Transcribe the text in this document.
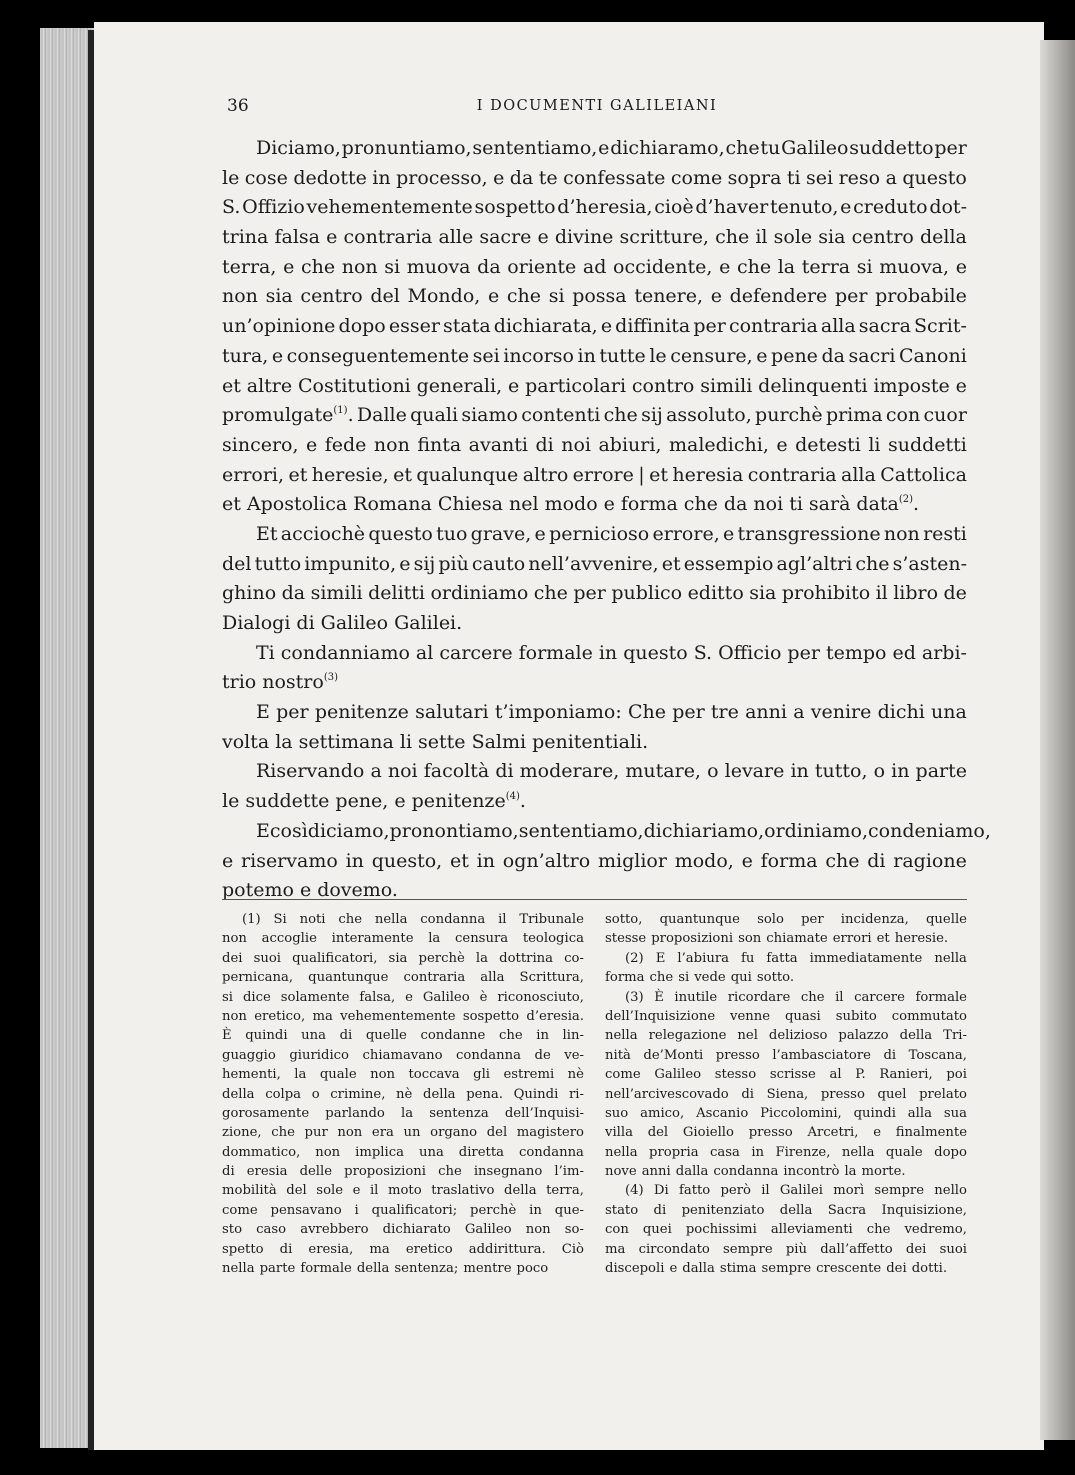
36	I DOCUMENTI GALILEIANI
Diciamo, pronuntiamo, sententiamo, e dichiaramo, che tu Galileo suddetto per
le cose dedotte in processo, e da te confessate come sopra ti sei reso a questo
S. Offizio vehementemente sospetto d’heresia, cioè d’haver tenuto, e creduto dot-
trina falsa e contraria alle sacre e divine scritture, che il sole sia centro della
terra, e che non si muova da oriente ad occidente, e che la terra si muova, e
non sia centro del Mondo, e che si possa tenere, e defendere per probabile
un’opinione dopo esser stata dichiarata, e diffinita per contraria alla sacra Scrit-
tura, e conseguentemente sei incorso in tutte le censure, e pene da sacri Canoni
et altre Costitutioni generali, e particolari contro simili delinquenti imposte e
promulgate$^{(1)}$. Dalle quali siamo contenti che sij assoluto, purchè prima con cuor
sincero, e fede non finta avanti di noi abiuri, maledichi, e detesti li suddetti
errori, et heresie, et qualunque altro errore | et heresia contraria alla Cattolica
et Apostolica Romana Chiesa nel modo e forma che da noi ti sarà data$^{(2)}$.
Et acciochè questo tuo grave, e pernicioso errore, e transgressione non resti
del tutto impunito, e sij più cauto nell’avvenire, et essempio agl’altri che s’asten-
ghino da simili delitti ordiniamo che per publico editto sia prohibito il libro de
Dialogi di Galileo Galilei.
Ti condanniamo al carcere formale in questo S. Officio per tempo ed arbi-
trio nostro$^{(3)}$
E per penitenze salutari t’imponiamo: Che per tre anni a venire dichi una
volta la settimana li sette Salmi penitentiali.
Riservando a noi facoltà di moderare, mutare, o levare in tutto, o in parte
le suddette pene, e penitenze$^{(4)}$.
E così diciamo, pronontiamo, sententiamo, dichiariamo, ordiniamo, condeniamo,
e riservamo in questo, et in ogn’altro miglior modo, e forma che di ragione
potemo e dovemo.
(1) Si noti che nella condanna il Tribunale
non accoglie interamente la censura teologica
dei suoi qualificatori, sia perchè la dottrina co-
pernicana, quantunque contraria alla Scrittura,
si dice solamente falsa, e Galileo è riconosciuto,
non eretico, ma vehementemente sospetto d’eresia.
È quindi una di quelle condanne che in lin-
guaggio giuridico chiamavano condanna de ve-
hementi, la quale non toccava gli estremi nè
della colpa o crimine, nè della pena. Quindi ri-
gorosamente parlando la sentenza dell’Inquisi-
zione, che pur non era un organo del magistero
dommatico, non implica una diretta condanna
di eresia delle proposizioni che insegnano l’im-
mobilità del sole e il moto traslativo della terra,
come pensavano i qualificatori; perchè in que-
sto caso avrebbero dichiarato Galileo non so-
spetto di eresia, ma eretico addirittura. Ciò
nella parte formale della sentenza; mentre poco
sotto, quantunque solo per incidenza, quelle
stesse proposizioni son chiamate errori et heresie.
(2) E l’abiura fu fatta immediatamente nella
forma che si vede qui sotto.
(3) È inutile ricordare che il carcere formale
dell’Inquisizione venne quasi subito commutato
nella relegazione nel delizioso palazzo della Tri-
nità de’Monti presso l’ambasciatore di Toscana,
come Galileo stesso scrisse al P. Ranieri, poi
nell’arcivescovado di Siena, presso quel prelato
suo amico, Ascanio Piccolomini, quindi alla sua
villa del Gioiello presso Arcetri, e finalmente
nella propria casa in Firenze, nella quale dopo
nove anni dalla condanna incontrò la morte.
(4) Di fatto però il Galilei morì sempre nello
stato di penitenziato della Sacra Inquisizione,
con quei pochissimi alleviamenti che vedremo,
ma circondato sempre più dall’affetto dei suoi
discepoli e dalla stima sempre crescente dei dotti.
